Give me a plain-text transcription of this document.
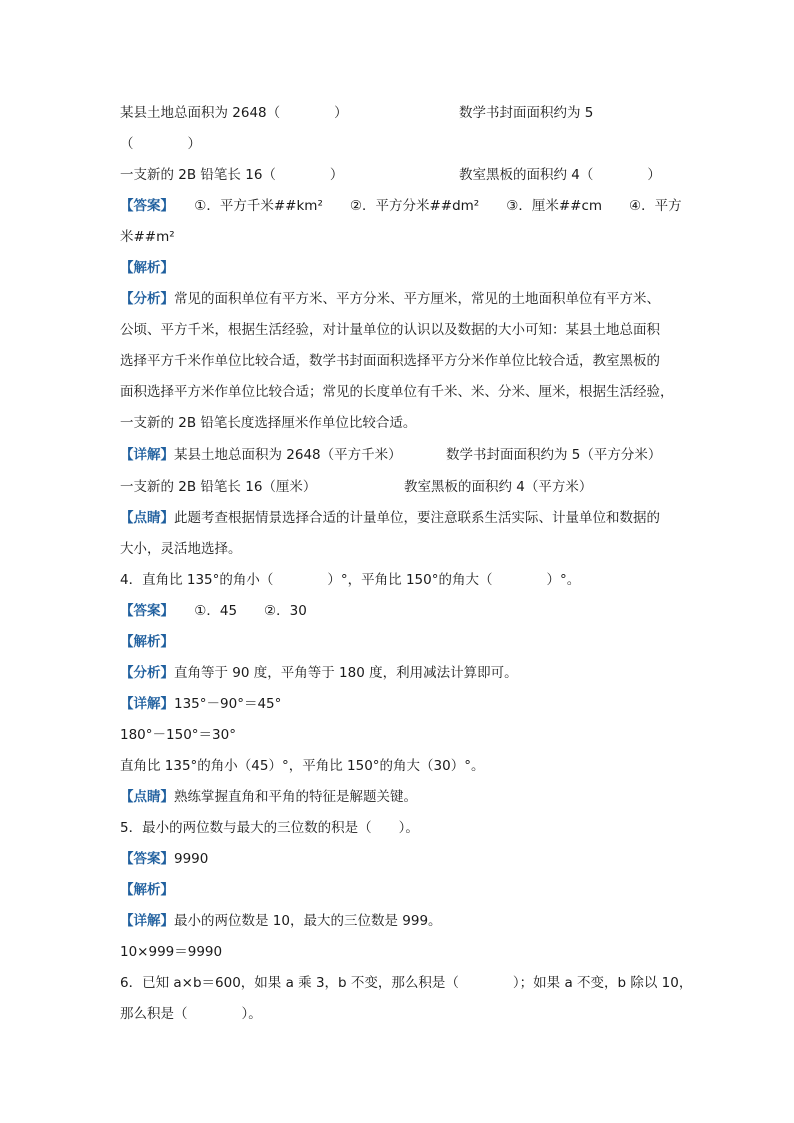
某县土地总面积为 2648（　　　　）	数学书封面面积约为 5
（　　　　）
一支新的 2B 铅笔长 16（　　　　）	教室黑板的面积约 4（　　　　）
【答案】　　①．平方千米##km²　　②．平方分米##dm²　　③．厘米##cm　　④．平方
米##m²
【解析】
【分析】常见的面积单位有平方米、平方分米、平方厘米，常见的土地面积单位有平方米、
公顷、平方千米，根据生活经验，对计量单位的认识以及数据的大小可知：某县土地总面积
选择平方千米作单位比较合适，数学书封面面积选择平方分米作单位比较合适，教室黑板的
面积选择平方米作单位比较合适；常见的长度单位有千米、米、分米、厘米，根据生活经验，
一支新的 2B 铅笔长度选择厘米作单位比较合适。
【详解】某县土地总面积为 2648（平方千米）	数学书封面面积约为 5（平方分米）
一支新的 2B 铅笔长 16（厘米）	教室黑板的面积约 4（平方米）
【点睛】此题考查根据情景选择合适的计量单位，要注意联系生活实际、计量单位和数据的
大小，灵活地选择。
4．直角比 135°的角小（　　　　）°，平角比 150°的角大（　　　　）°。
【答案】　　①．45　　②．30
【解析】
【分析】直角等于 90 度，平角等于 180 度，利用减法计算即可。
【详解】135°－90°＝45°
180°－150°＝30°
直角比 135°的角小（45）°，平角比 150°的角大（30）°。
【点睛】熟练掌握直角和平角的特征是解题关键。
5．最小的两位数与最大的三位数的积是（　　）。
【答案】9990
【解析】
【详解】最小的两位数是 10，最大的三位数是 999。
10×999＝9990
6．已知 a×b＝600，如果 a 乘 3，b 不变，那么积是（　　　　）；如果 a 不变，b 除以 10，
那么积是（　　　　）。
